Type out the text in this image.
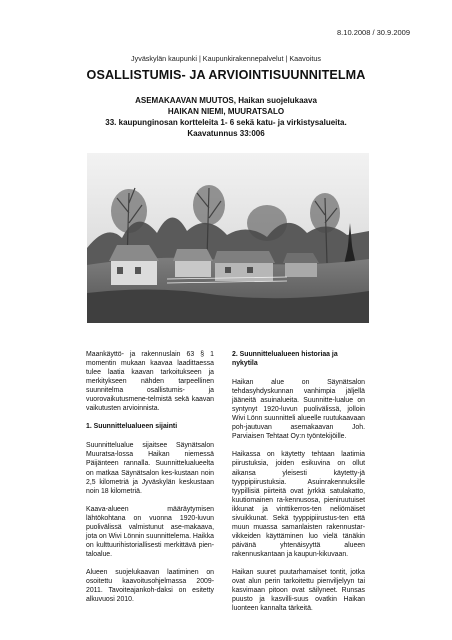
8.10.2008 / 30.9.2009
Jyväskylän kaupunki | Kaupunkirakennepalvelut | Kaavoitus
OSALLISTUMIS- JA ARVIOINTISUUNNITELMA
ASEMAKAAVAN MUUTOS, Haikan suojelukaava
HAIKAN NIEMI, MUURATSALO
33. kaupunginosan kortteleita 1- 6 sekä katu- ja virkistysalueita.
Kaavatunnus 33:006

Maankäyttö- ja rakennuslain 63 § 1 momentin mukaan kaavaa laadittaessa tulee laatia kaavan tarkoitukseen ja merkitykseen nähden tarpeellinen suunnitelma osallistumis- ja vuorovaikutusmene-telmistä sekä kaavan vaikutusten arvioinnista.

1. Suunnittelualueen sijainti

Suunnittelualue sijaitsee Säynätsalon Muuratsa-lossa Haikan niemessä Päijänteen rannalla. Suunnittelualueelta on matkaa Säynätsalon kes-kustaan noin 2,5 kilometriä ja Jyväskylän keskustaan noin 18 kilometriä.

Kaava-alueen määräytymisen lähtökohtana on vuonna 1920-luvun puolivälissä valmistunut ase-makaava, jota on Wivi Lönnin suunnittelema. Haikka on kulttuurihistoriallisesti merkittävä pien-taloalue.

Alueen suojelukaavan laatiminen on osoitettu kaavoitusohjelmassa 2009-2011. Tavoiteajankoh-daksi on esitetty alkuvuosi 2010.

2. Suunnittelualueen historiaa ja nykytila

Haikan alue on Säynätsalon tehdasyhdyskunnan vanhimpia jäljellä jääneitä asuinalueita. Suunnitte-lualue on syntynyt 1920-luvun puolivälissä, jolloin Wivi Lönn suunnitteli alueelle ruutukaavaan poh-jautuvan asemakaavan Joh. Parviaisen Tehtaat Oy:n työntekijöille.

Haikassa on käytetty tehtaan laatimia piirustuksia, joiden esikuvina on ollut aikansa yleisesti käytetty-jä tyyppipiirustuksia. Asuinrakennuksille tyypillisiä piirteitä ovat jyrkkä satulakatto, kuutiomainen ra-kennusosa, pieniruutuiset ikkunat ja vinttikerros-ten neliömäiset sivuikkunat. Sekä tyyppipiirustus-ten että muun muassa samanlaisten rakennustar-vikkeiden käyttäminen luo vielä tänäkin päivänä yhtenäisyyttä alueen rakennuskantaan ja kaupun-kikuvaan.

Haikan suuret puutarhamaiset tontit, jotka ovat alun perin tarkoitettu pienviljelyyn tai kasvimaan pitoon ovat säilyneet. Runsas puusto ja kasvilli-suus ovatkin Haikan luonteen kannalta tärkeitä.
